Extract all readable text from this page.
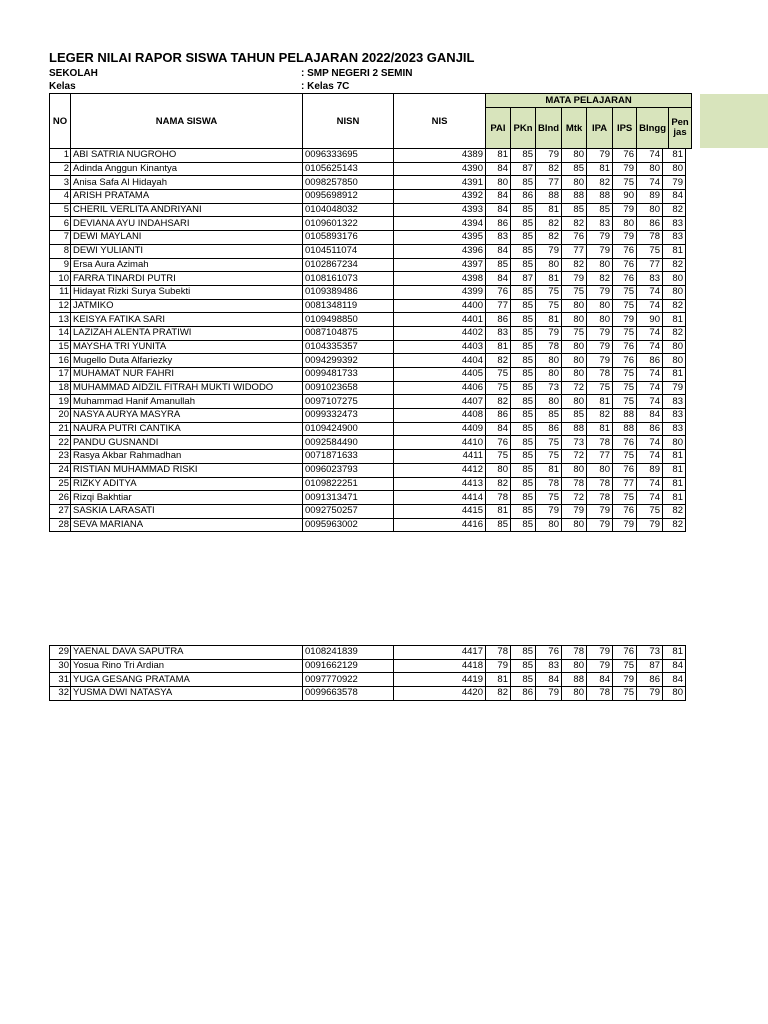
LEGER NILAI RAPOR SISWA TAHUN PELAJARAN 2022/2023 GANJIL
SEKOLAH	: SMP NEGERI 2 SEMIN
Kelas	: Kelas 7C
NO	NAMA SISWA	NISN	NIS	MATA PELAJARAN							
				PAI	PKn	BInd	Mtk	IPA	IPS	BIngg	Penjas
1	ABI SATRIA NUGROHO	0096333695	4389	81	85	79	80	79	76	74	81
2	Adinda Anggun Kinantya	0105625143	4390	84	87	82	85	81	79	80	80
3	Anisa Safa Al Hidayah	0098257850	4391	80	85	77	80	82	75	74	79
4	ARISH PRATAMA	0095698912	4392	84	86	88	88	88	90	89	84
5	CHERIL VERLITA ANDRIYANI	0104048032	4393	84	85	81	85	85	79	80	82
6	DEVIANA AYU INDAHSARI	0109601322	4394	86	85	82	82	83	80	86	83
7	DEWI MAYLANI	0105893176	4395	83	85	82	76	79	79	78	83
8	DEWI YULIANTI	0104511074	4396	84	85	79	77	79	76	75	81
9	Ersa Aura Azimah	0102867234	4397	85	85	80	82	80	76	77	82
10	FARRA TINARDI PUTRI	0108161073	4398	84	87	81	79	82	76	83	80
11	Hidayat Rizki Surya Subekti	0109389486	4399	76	85	75	75	79	75	74	80
12	JATMIKO	0081348119	4400	77	85	75	80	80	75	74	82
13	KEISYA FATIKA SARI	0109498850	4401	86	85	81	80	80	79	90	81
14	LAZIZAH ALENTA PRATIWI	0087104875	4402	83	85	79	75	79	75	74	82
15	MAYSHA TRI YUNITA	0104335357	4403	81	85	78	80	79	76	74	80
16	Mugello Duta Alfariezky	0094299392	4404	82	85	80	80	79	76	86	80
17	MUHAMAT NUR FAHRI	0099481733	4405	75	85	80	80	78	75	74	81
18	MUHAMMAD AIDZIL FITRAH MUKTI WIDODO	0091023658	4406	75	85	73	72	75	75	74	79
19	Muhammad Hanif Amanullah	0097107275	4407	82	85	80	80	81	75	74	83
20	NASYA AURYA MASYRA	0099332473	4408	86	85	85	85	82	88	84	83
21	NAURA PUTRI CANTIKA	0109424900	4409	84	85	86	88	81	88	86	83
22	PANDU GUSNANDI	0092584490	4410	76	85	75	73	78	76	74	80
23	Rasya Akbar Rahmadhan	0071871633	4411	75	85	75	72	77	75	74	81
24	RISTIAN MUHAMMAD RISKI	0096023793	4412	80	85	81	80	80	76	89	81
25	RIZKY ADITYA	0109822251	4413	82	85	78	78	78	77	74	81
26	Rizqi Bakhtiar	0091313471	4414	78	85	75	72	78	75	74	81
27	SASKIA LARASATI	0092750257	4415	81	85	79	79	79	76	75	82
28	SEVA MARIANA	0095963002	4416	85	85	80	80	79	79	79	82
29	YAENAL DAVA SAPUTRA	0108241839	4417	78	85	76	78	79	76	73	81
30	Yosua Rino Tri Ardian	0091662129	4418	79	85	83	80	79	75	87	84
31	YUGA GESANG PRATAMA	0097770922	4419	81	85	84	88	84	79	86	84
32	YUSMA DWI NATASYA	0099663578	4420	82	86	79	80	78	75	79	80
